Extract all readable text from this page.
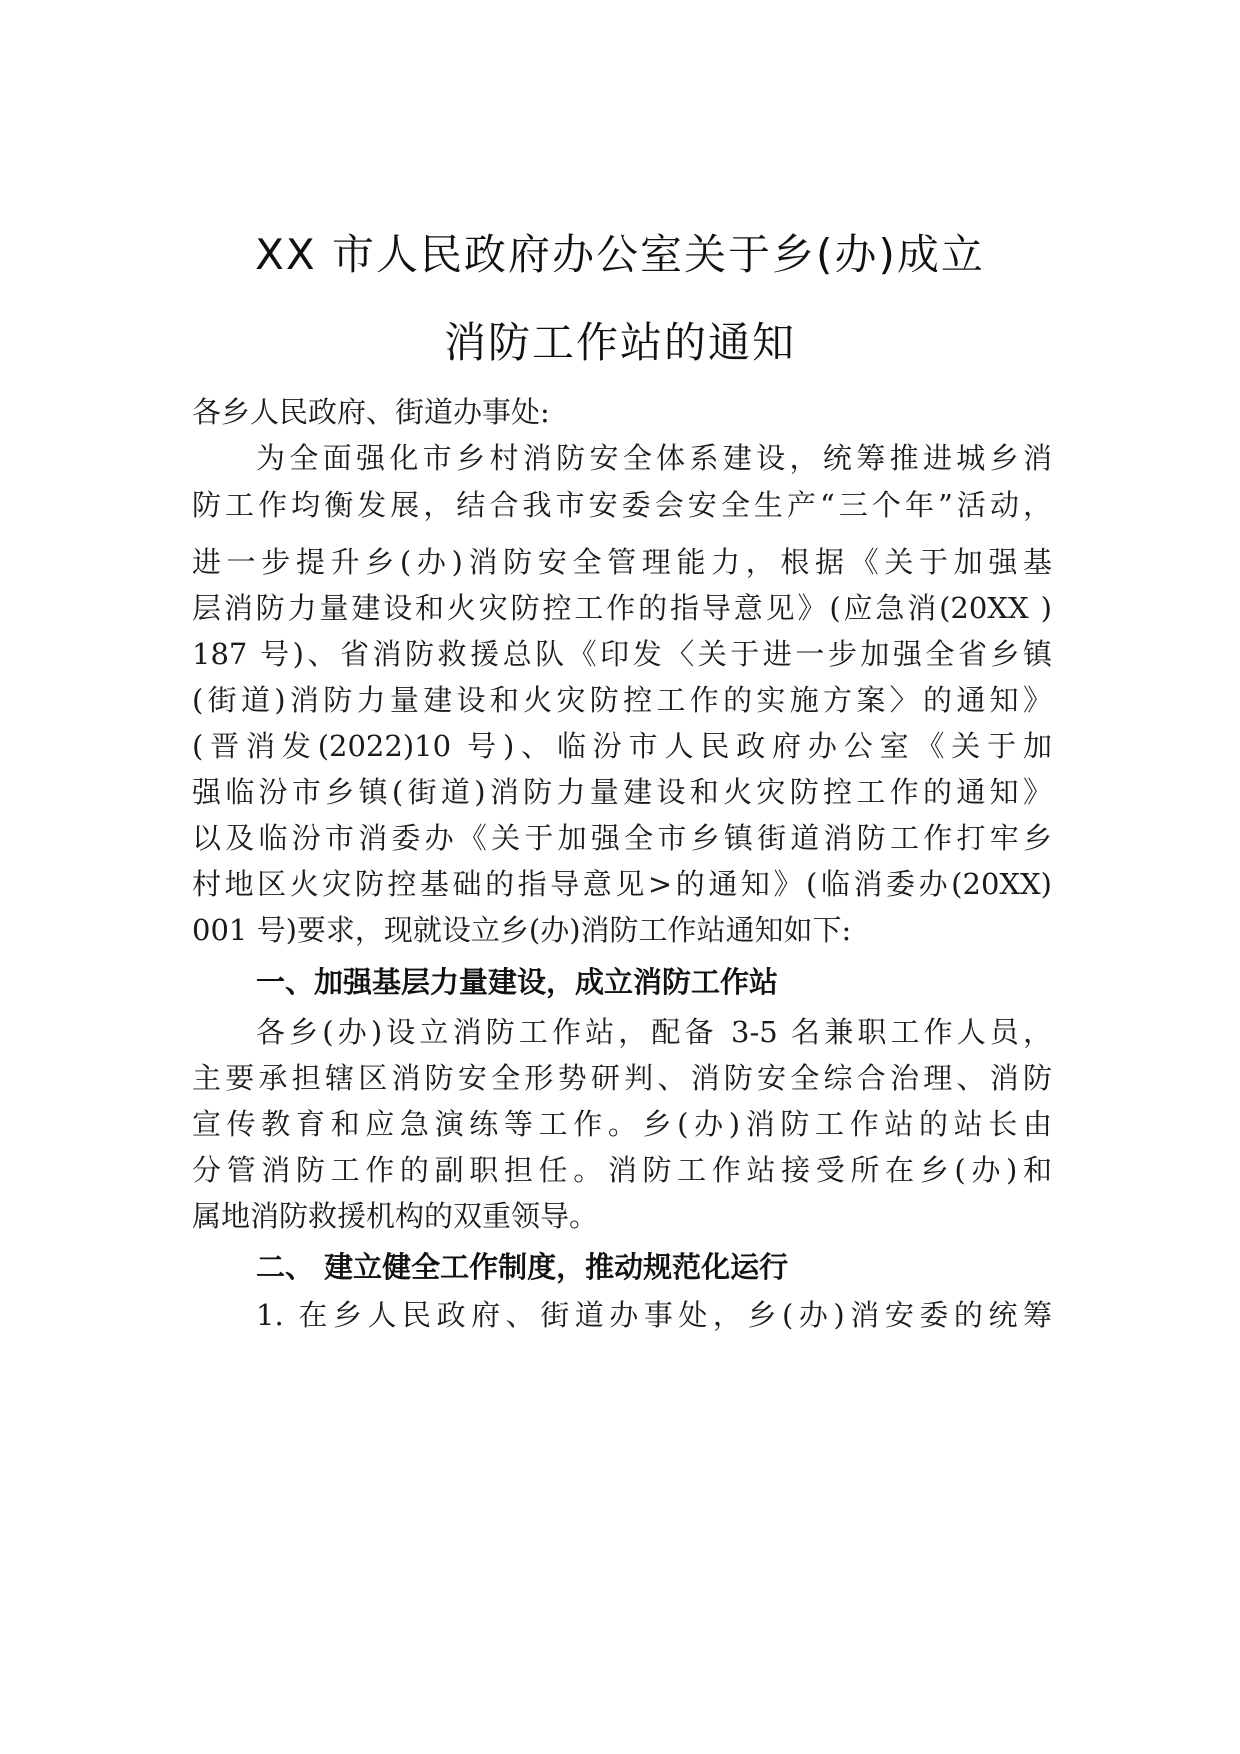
XX 市人民政府办公室关于乡(办)成立
消防工作站的通知
各乡人民政府、街道办事处:
为全面强化市乡村消防安全体系建设，统筹推进城乡消
防工作均衡发展，结合我市安委会安全生产“三个年”活动，
进一步提升乡(办)消防安全管理能力，根据《关于加强基
层消防力量建设和火灾防控工作的指导意见》(应急消(20XX )
187 号)、省消防救援总队《印发〈关于进一步加强全省乡镇
(街道)消防力量建设和火灾防控工作的实施方案〉的通知》
(晋消发(2022)10 号)、临汾市人民政府办公室《关于加
强临汾市乡镇(街道)消防力量建设和火灾防控工作的通知》
以及临汾市消委办《关于加强全市乡镇街道消防工作打牢乡
村地区火灾防控基础的指导意见>的通知》(临消委办(20XX)
001 号)要求，现就设立乡(办)消防工作站通知如下:
一、加强基层力量建设，成立消防工作站
各乡(办)设立消防工作站，配备 3-5 名兼职工作人员，
主要承担辖区消防安全形势研判、消防安全综合治理、消防
宣传教育和应急演练等工作。乡(办)消防工作站的站长由
分管消防工作的副职担任。消防工作站接受所在乡(办)和
属地消防救援机构的双重领导。
二、 建立健全工作制度，推动规范化运行
1. 在乡人民政府、街道办事处，乡(办)消安委的统筹
